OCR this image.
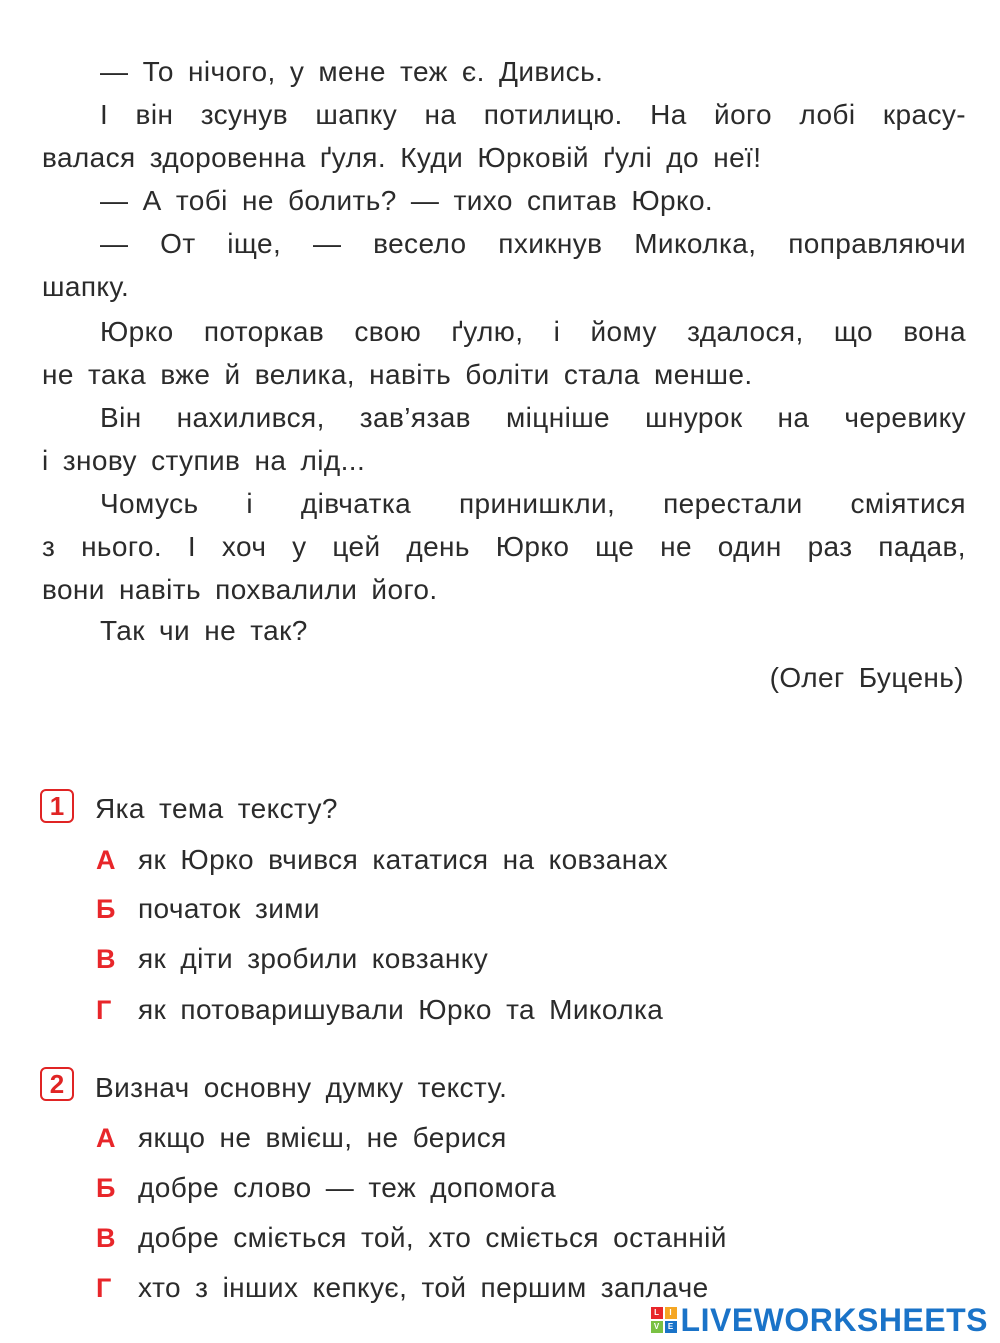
— То нічого, у мене теж є. Дивись.
І він зсунув шапку на потилицю. На його лобі красу-
валася здоровенна ґуля. Куди Юрковій ґулі до неї!
— А тобі не болить? — тихо спитав Юрко.
— От іще, — весело пхикнув Миколка, поправляючи
шапку.
Юрко поторкав свою ґулю, і йому здалося, що вона
не така вже й велика, навіть боліти стала менше.
Він нахилився, зав’язав міцніше шнурок на черевику
і знову ступив на лід...
Чомусь і дівчатка принишкли, перестали сміятися
з нього. І хоч у цей день Юрко ще не один раз падав,
вони навіть похвалили його.
Так чи не так?
(Олег Буцень)
1	Яка тема тексту?
А як Юрко вчився кататися на ковзанах
Б початок зими
В як діти зробили ковзанку
Г як потоваришували Юрко та Миколка
2	Визнач основну думку тексту.
А якщо не вмієш, не берися
Б добре слово — теж допомога
В добре сміється той, хто сміється останній
Г хто з інших кепкує, той першим заплаче
L	I
V	E LIVEWORKSHEETS
